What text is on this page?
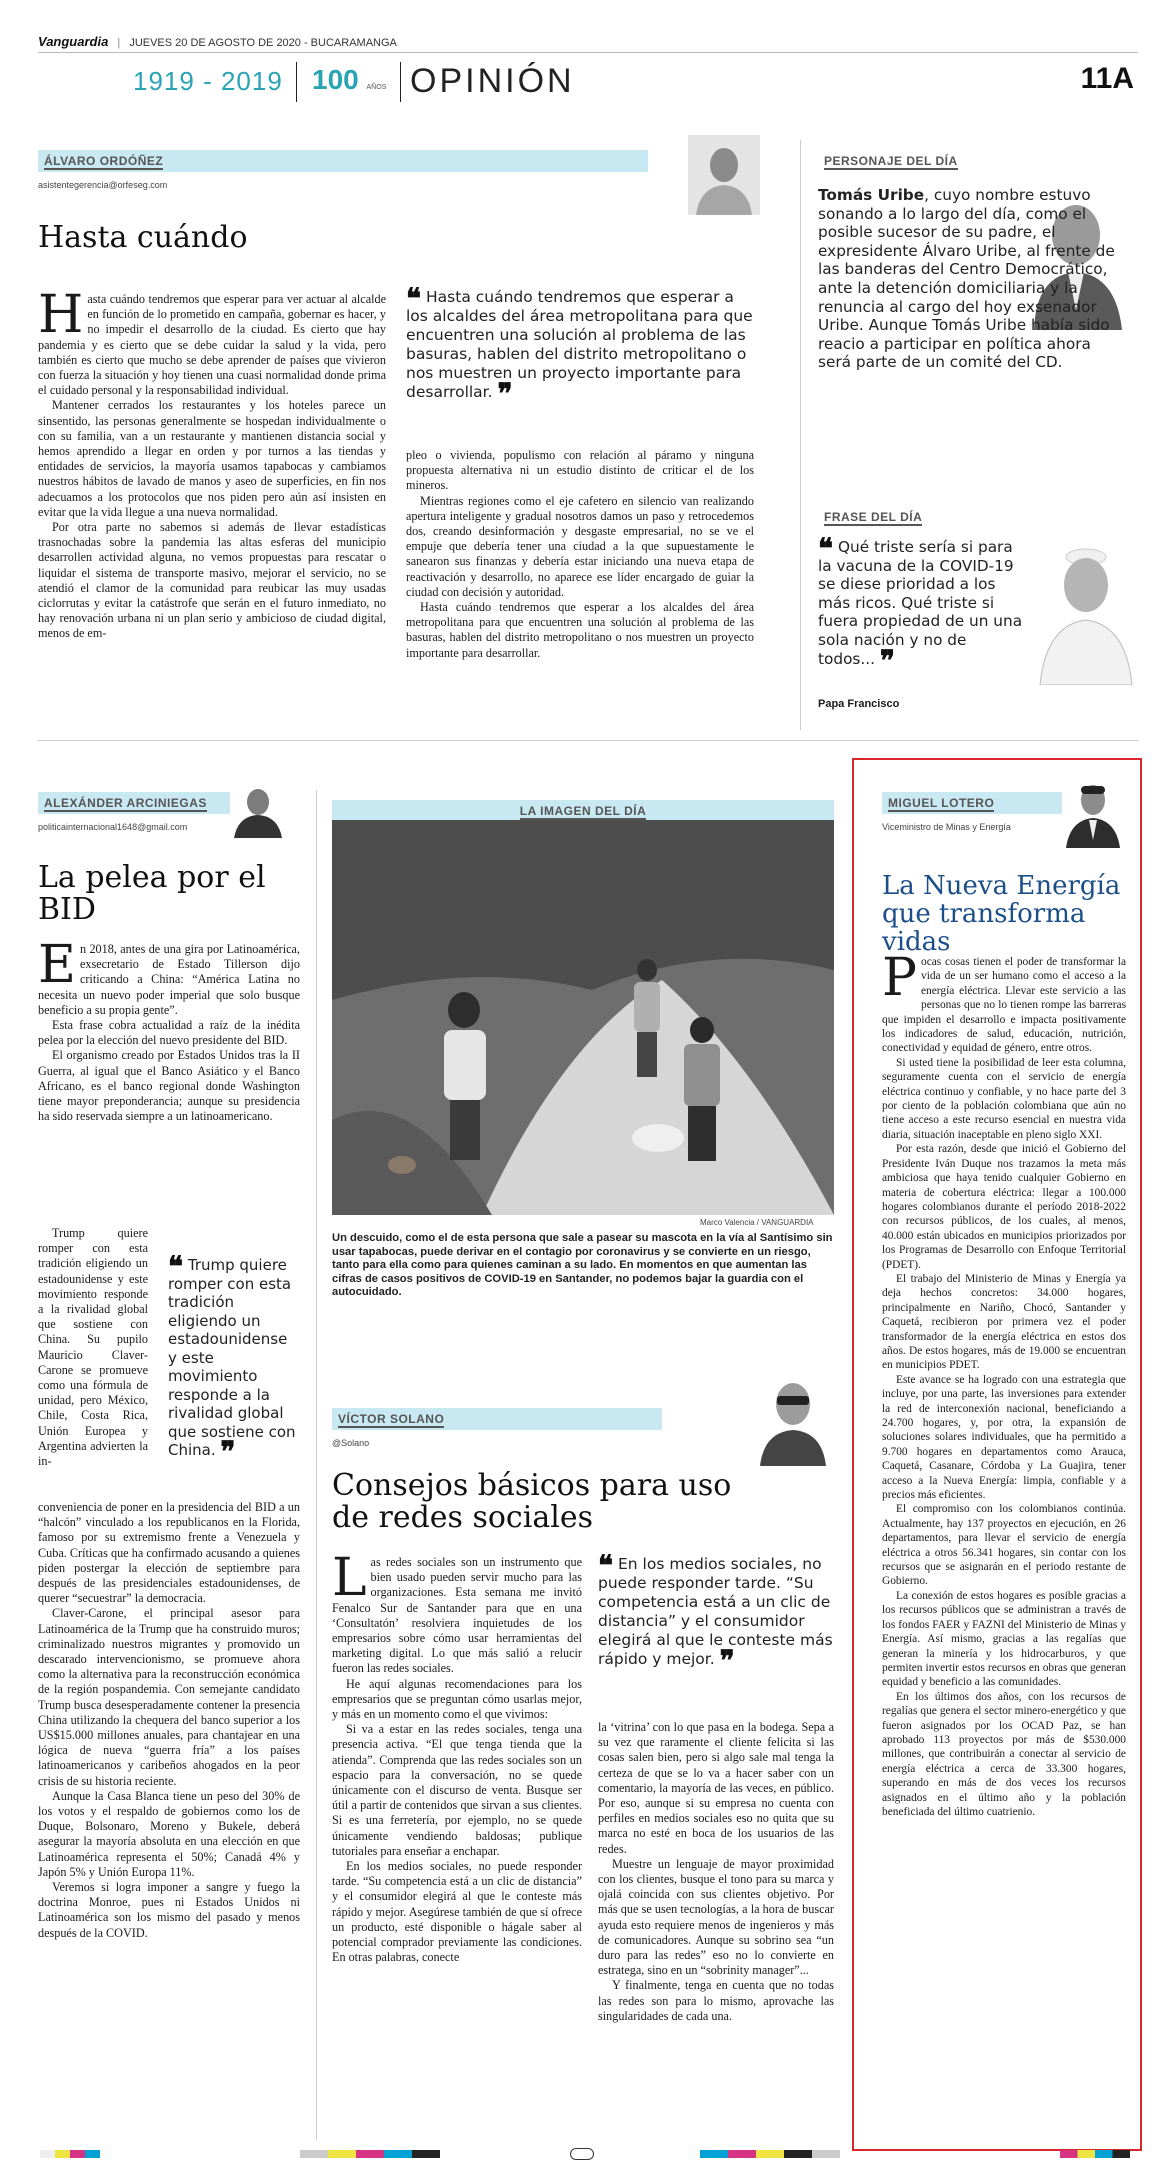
Vanguardia | JUEVES 20 DE AGOSTO DE 2020 - BUCARAMANGA
1919 - 2019 100 AÑOS OPINIÓN	11A
ÁLVARO ORDÓÑEZ
asistentegerencia@orfeseg.com
Hasta cuándo

Hasta cuándo tendremos que esperar para ver actuar al alcalde en función de lo prometido en campaña, gobernar es hacer, y no impedir el desarrollo de la ciudad. Es cierto que hay pandemia y es cierto que se debe cuidar la salud y la vida, pero también es cierto que mucho se debe aprender de países que vivieron con fuerza la situación y hoy tienen una cuasi normalidad donde prima el cuidado personal y la responsabilidad individual.

Mantener cerrados los restaurantes y los hoteles parece un sinsentido, las personas generalmente se hospedan individualmente o con su familia, van a un restaurante y mantienen distancia social y hemos aprendido a llegar en orden y por turnos a las tiendas y entidades de servicios, la mayoría usamos tapabocas y cambiamos nuestros hábitos de lavado de manos y aseo de superficies, en fin nos adecuamos a los protocolos que nos piden pero aún así insisten en evitar que la vida llegue a una nueva normalidad.

Por otra parte no sabemos si además de llevar estadísticas trasnochadas sobre la pandemia las altas esferas del municipio desarrollen actividad alguna, no vemos propuestas para rescatar o liquidar el sistema de transporte masivo, mejorar el servicio, no se atendió el clamor de la comunidad para reubicar las muy usadas ciclorrutas y evitar la catástrofe que serán en el futuro inmediato, no hay renovación urbana ni un plan serio y ambicioso de ciudad digital, menos de em-

❝ Hasta cuándo tendremos que esperar a los alcaldes del área metropolitana para que encuentren una solución al problema de las basuras, hablen del distrito metropolitano o nos muestren un proyecto importante para desarrollar. ❞

pleo o vivienda, populismo con relación al páramo y ninguna propuesta alternativa ni un estudio distinto de criticar el de los mineros.

Mientras regiones como el eje cafetero en silencio van realizando apertura inteligente y gradual nosotros damos un paso y retrocedemos dos, creando desinformación y desgaste empresarial, no se ve el empuje que debería tener una ciudad a la que supuestamente le sanearon sus finanzas y debería estar iniciando una nueva etapa de reactivación y desarrollo, no aparece ese líder encargado de guiar la ciudad con decisión y autoridad.

Hasta cuándo tendremos que esperar a los alcaldes del área metropolitana para que encuentren una solución al problema de las basuras, hablen del distrito metropolitano o nos muestren un proyecto importante para desarrollar.

PERSONAJE DEL DÍA
Tomás Uribe, cuyo nombre estuvo sonando a lo largo del día, como el posible sucesor de su padre, el expresidente Álvaro Uribe, al frente de las banderas del Centro Democrático, ante la detención domiciliaria y la renuncia al cargo del hoy exsenador Uribe. Aunque Tomás Uribe había sido reacio a participar en política ahora será parte de un comité del CD.
FRASE DEL DÍA
❝ Qué triste sería si para la vacuna de la COVID-19 se diese prioridad a los más ricos. Qué triste si fuera propiedad de un una sola nación y no de todos... ❞
Papa Francisco
ALEXÁNDER ARCINIEGAS
politicainternacional1648@gmail.com
La pelea por el BID

En 2018, antes de una gira por Latinoamérica, exsecretario de Estado Tillerson dijo criticando a China: “América Latina no necesita un nuevo poder imperial que solo busque beneficio a su propia gente”.

Esta frase cobra actualidad a raíz de la inédita pelea por la elección del nuevo presidente del BID.

El organismo creado por Estados Unidos tras la II Guerra, al igual que el Banco Asiático y el Banco Africano, es el banco regional donde Washington tiene mayor preponderancia; aunque su presidencia ha sido reservada siempre a un latinoamericano.

Trump quiere romper con esta tradición eligiendo un estadounidense y este movimiento responde a la rivalidad global que sostiene con China. Su pupilo Mauricio Claver-Carone se promueve como una fórmula de unidad, pero México, Chile, Costa Rica, Unión Europea y Argentina advierten la in-

❝ Trump quiere romper con esta tradición eligiendo un estadounidense y este movimiento responde a la rivalidad global que sostiene con China. ❞

conveniencia de poner en la presidencia del BID a un “halcón” vinculado a los republicanos en la Florida, famoso por su extremismo frente a Venezuela y Cuba. Críticas que ha confirmado acusando a quienes piden postergar la elección de septiembre para después de las presidenciales estadounidenses, de querer “secuestrar” la democracia.

Claver-Carone, el principal asesor para Latinoamérica de la Trump que ha construido muros; criminalizado nuestros migrantes y promovido un descarado intervencionismo, se promueve ahora como la alternativa para la reconstrucción económica de la región pospandemia. Con semejante candidato Trump busca desesperadamente contener la presencia China utilizando la chequera del banco superior a los US$15.000 millones anuales, para chantajear en una lógica de nueva “guerra fría” a los países latinoamericanos y caribeños ahogados en la peor crisis de su historia reciente.

Aunque la Casa Blanca tiene un peso del 30% de los votos y el respaldo de gobiernos como los de Duque, Bolsonaro, Moreno y Bukele, deberá asegurar la mayoría absoluta en una elección en que Latinoamérica representa el 50%; Canadá 4% y Japón 5% y Unión Europa 11%.

Veremos si logra imponer a sangre y fuego la doctrina Monroe, pues ni Estados Unidos ni Latinoamérica son los mismo del pasado y menos después de la COVID.

LA IMAGEN DEL DÍA
Marco Valencia / VANGUARDIA
Un descuido, como el de esta persona que sale a pasear su mascota en la vía al Santísimo sin usar tapabocas, puede derivar en el contagio por coronavirus y se convierte en un riesgo, tanto para ella como para quienes caminan a su lado. En momentos en que aumentan las cifras de casos positivos de COVID-19 en Santander, no podemos bajar la guardia con el autocuidado.
VÍCTOR SOLANO
@Solano
Consejos básicos para uso de redes sociales

Las redes sociales son un instrumento que bien usado pueden servir mucho para las organizaciones. Esta semana me invitó Fenalco Sur de Santander para que en una ‘Consultatón’ resolviera inquietudes de los empresarios sobre cómo usar herramientas del marketing digital. Lo que más salió a relucir fueron las redes sociales.

He aquí algunas recomendaciones para los empresarios que se preguntan cómo usarlas mejor, y más en un momento como el que vivimos:

Si va a estar en las redes sociales, tenga una presencia activa. “El que tenga tienda que la atienda”. Comprenda que las redes sociales son un espacio para la conversación, no se quede únicamente con el discurso de venta. Busque ser útil a partir de contenidos que sirvan a sus clientes. Si es una ferretería, por ejemplo, no se quede únicamente vendiendo baldosas; publique tutoriales para enseñar a enchapar.

En los medios sociales, no puede responder tarde. “Su competencia está a un clic de distancia” y el consumidor elegirá al que le conteste más rápido y mejor. Asegúrese también de que sí ofrece un producto, esté disponible o hágale saber al potencial comprador previamente las condiciones. En otras palabras, conecte

❝ En los medios sociales, no puede responder tarde. “Su competencia está a un clic de distancia” y el consumidor elegirá al que le conteste más rápido y mejor. ❞

la ‘vitrina’ con lo que pasa en la bodega. Sepa a su vez que raramente el cliente felicita si las cosas salen bien, pero si algo sale mal tenga la certeza de que se lo va a hacer saber con un comentario, la mayoría de las veces, en público. Por eso, aunque si su empresa no cuenta con perfiles en medios sociales eso no quita que su marca no esté en boca de los usuarios de las redes.

Muestre un lenguaje de mayor proximidad con los clientes, busque el tono para su marca y ojalá coincida con sus clientes objetivo. Por más que se usen tecnologías, a la hora de buscar ayuda esto requiere menos de ingenieros y más de comunicadores. Aunque su sobrino sea “un duro para las redes” eso no lo convierte en estratega, sino en un “sobrinity manager”...

Y finalmente, tenga en cuenta que no todas las redes son para lo mismo, aprovache las singularidades de cada una.

MIGUEL LOTERO
Viceministro de Minas y Energía
La Nueva Energía que transforma vidas

Pocas cosas tienen el poder de transformar la vida de un ser humano como el acceso a la energía eléctrica. Llevar este servicio a las personas que no lo tienen rompe las barreras que impiden el desarrollo e impacta positivamente los indicadores de salud, educación, nutrición, conectividad y equidad de género, entre otros.

Si usted tiene la posibilidad de leer esta columna, seguramente cuenta con el servicio de energía eléctrica continuo y confiable, y no hace parte del 3 por ciento de la población colombiana que aún no tiene acceso a este recurso esencial en nuestra vida diaria, situación inaceptable en pleno siglo XXI.

Por esta razón, desde que inició el Gobierno del Presidente Iván Duque nos trazamos la meta más ambiciosa que haya tenido cualquier Gobierno en materia de cobertura eléctrica: llegar a 100.000 hogares colombianos durante el período 2018-2022 con recursos públicos, de los cuales, al menos, 40.000 están ubicados en municipios priorizados por los Programas de Desarrollo con Enfoque Territorial (PDET).

El trabajo del Ministerio de Minas y Energía ya deja hechos concretos: 34.000 hogares, principalmente en Nariño, Chocó, Santander y Caquetá, recibieron por primera vez el poder transformador de la energía eléctrica en estos dos años. De estos hogares, más de 19.000 se encuentran en municipios PDET.

Este avance se ha logrado con una estrategia que incluye, por una parte, las inversiones para extender la red de interconexión nacional, beneficiando a 24.700 hogares, y, por otra, la expansión de soluciones solares individuales, que ha permitido a 9.700 hogares en departamentos como Arauca, Caquetá, Casanare, Córdoba y La Guajira, tener acceso a la Nueva Energía: limpia, confiable y a precios más eficientes.

El compromiso con los colombianos continúa. Actualmente, hay 137 proyectos en ejecución, en 26 departamentos, para llevar el servicio de energía eléctrica a otros 56.341 hogares, sin contar con los recursos que se asignarán en el periodo restante de Gobierno.

La conexión de estos hogares es posible gracias a los recursos públicos que se administran a través de los fondos FAER y FAZNI del Ministerio de Minas y Energía. Así mismo, gracias a las regalías que generan la minería y los hidrocarburos, y que permiten invertir estos recursos en obras que generan equidad y beneficio a las comunidades.

En los últimos dos años, con los recursos de regalías que genera el sector minero-energético y que fueron asignados por los OCAD Paz, se han aprobado 113 proyectos por más de $530.000 millones, que contribuirán a conectar al servicio de energía eléctrica a cerca de 33.300 hogares, superando en más de dos veces los recursos asignados en el último año y la población beneficiada del último cuatrienio.
